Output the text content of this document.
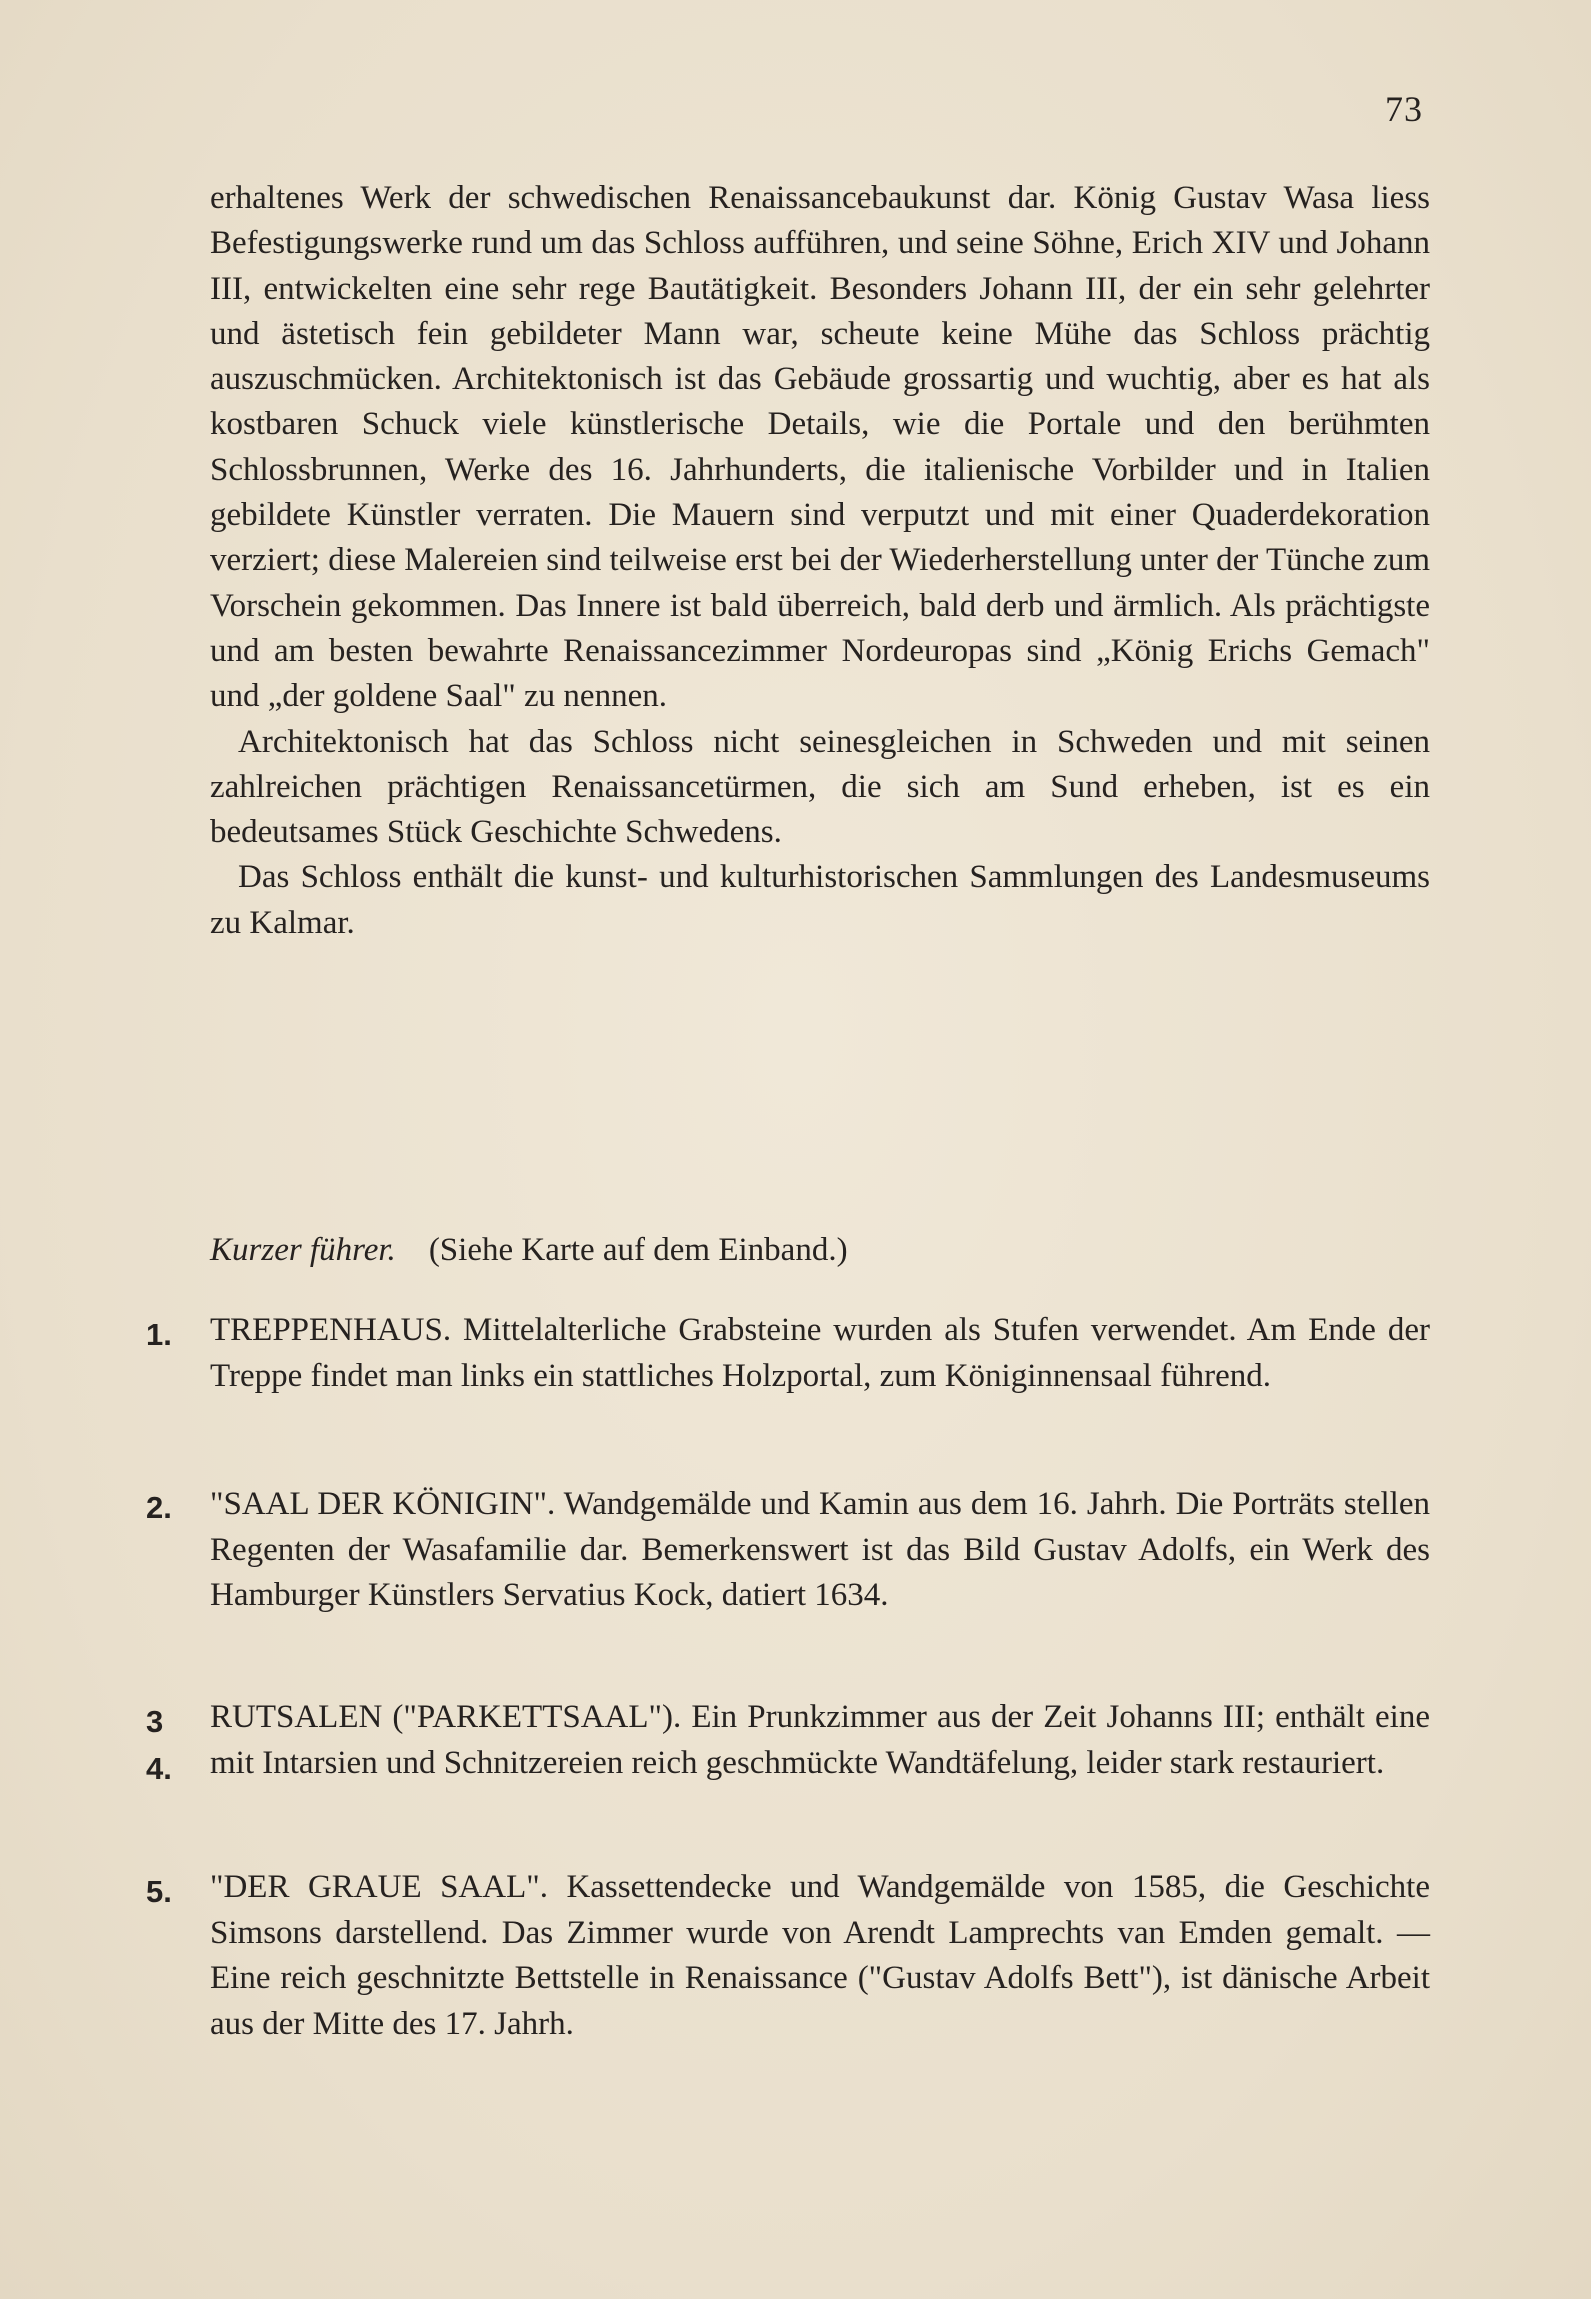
73

erhaltenes Werk der schwedischen Renaissancebaukunst dar. König Gustav Wasa liess Befestigungswerke rund um das Schloss aufführen, und seine Söhne, Erich XIV und Johann III, entwickelten eine sehr rege Bautätigkeit. Besonders Johann III, der ein sehr gelehrter und ästetisch fein gebildeter Mann war, scheute keine Mühe das Schloss prächtig auszuschmücken. Architektonisch ist das Gebäude grossartig und wuchtig, aber es hat als kostbaren Schuck viele künstlerische Details, wie die Portale und den berühmten Schlossbrunnen, Werke des 16. Jahrhunderts, die italienische Vorbilder und in Italien gebildete Künstler verraten. Die Mauern sind verputzt und mit einer Quaderdekoration verziert; diese Malereien sind teilweise erst bei der Wiederherstellung unter der Tünche zum Vorschein gekommen. Das Innere ist bald überreich, bald derb und ärmlich. Als prächtigste und am besten bewahrte Renaissancezimmer Nordeuropas sind „König Erichs Gemach" und „der goldene Saal" zu nennen.

Architektonisch hat das Schloss nicht seinesgleichen in Schweden und mit seinen zahlreichen prächtigen Renaissancetürmen, die sich am Sund erheben, ist es ein bedeutsames Stück Geschichte Schwedens.

Das Schloss enthält die kunst- und kulturhistorischen Sammlungen des Landesmuseums zu Kalmar.

Kurzer führer. (Siehe Karte auf dem Einband.)
1. TREPPENHAUS. Mittelalterliche Grabsteine wurden als Stufen verwendet. Am Ende der Treppe findet man links ein stattliches Holzportal, zum Königinnensaal führend.

2. "SAAL DER KÖNIGIN". Wandgemälde und Kamin aus dem 16. Jahrh. Die Porträts stellen Regenten der Wasafamilie dar. Bemerkenswert ist das Bild Gustav Adolfs, ein Werk des Hamburger Künstlers Servatius Kock, datiert 1634.

3
4.

RUTSALEN ("PARKETTSAAL"). Ein Prunkzimmer aus der Zeit Johanns III; enthält eine mit Intarsien und Schnitzereien reich geschmückte Wandtäfelung, leider stark restauriert.

5. "DER GRAUE SAAL". Kassettendecke und Wandgemälde von 1585, die Geschichte Simsons darstellend. Das Zimmer wurde von Arendt Lamprechts van Emden gemalt. — Eine reich geschnitzte Bettstelle in Renaissance ("Gustav Adolfs Bett"), ist dänische Arbeit aus der Mitte des 17. Jahrh.
